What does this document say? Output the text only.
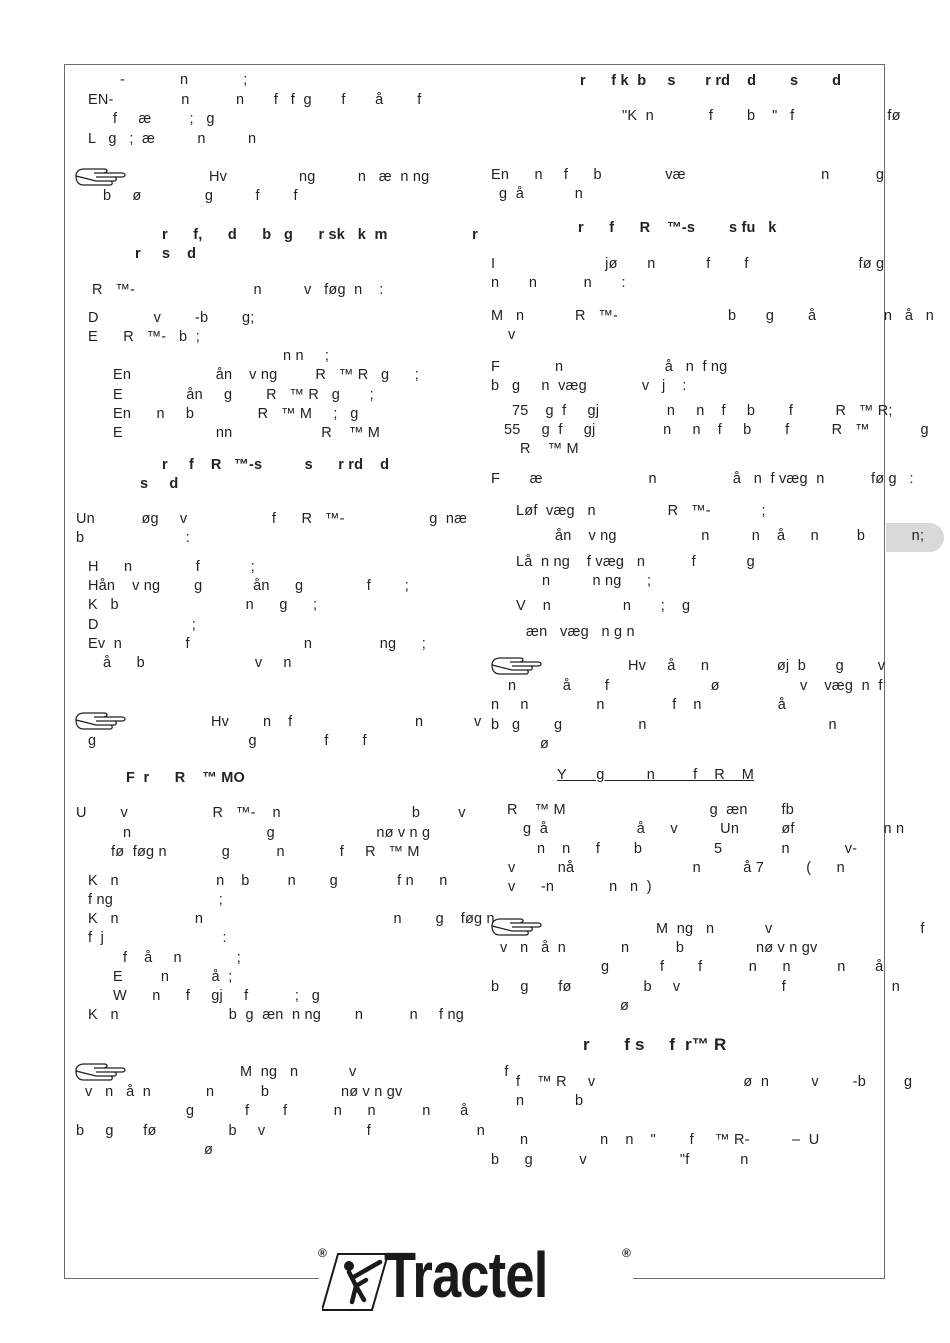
-             n             ;
EN-                n           n       f   f  g       f       å        f
f     æ         ;   g
L   g   ;  æ          n          n
Hv                 ng          n   æ  n ng
b     ø               g          f        f
r      f,      d      b   g      r sk   k  m                    r
r     s    d
R   ™-                            n          v   føg  n    :
D             v        -b        g;
E      R   ™-   b  ;
n n     ;
En                    ån    v ng         R   ™ R   g      ;
E               ån     g        R   ™ R   g       ;
En      n     b               R   ™ M     ;   g
E                      nn                     R    ™ M
r     f    R   ™-s          s      r rd    d
s     d
Un           øg     v                    f      R   ™-                    g  næ
b                        :
H      n               f            ;
Hån    v ng        g            ån      g               f        ;
K   b                              n      g      ;
D                      ;
Ev  n               f                           n                ng      ;
å      b                          v     n
Hv        n    f                             n            v
g                                    g                f        f
F  r      R    ™ MO
U        v                    R   ™-    n                               b         v
n                                g                        nø v n g
fø  føg n             g           n             f     R   ™ M
K   n                       n    b         n        g              f n      n
f ng                         ;
K   n                  n                                             n        g    føg n
f  j                            :
f    å     n             ;
E         n          å  ;
W      n      f     gj     f           ;   g
K   n                          b  g  æn  n ng        n           n     f ng
M  ng   n            v                                   f
v   n   å  n             n           b                 nø v n gv
g            f        f           n      n           n       å
b     g       fø                 b     v                        f                         n
ø
r      f k  b     s       r rd    d        s        d
"K  n             f        b    "   f                      fø
En      n     f      b               væ                                n           g
g  å            n
r      f      R    ™-s        s fu   k
I                          jø       n            f        f                          fø g
n       n           n       :
M   n            R   ™-                          b       g        å                n   å   n
v
F             n                        å   n  f ng
b   g     n  væg             v   j    :
75    g  f     gj                n     n    f     b        f          R   ™ R;
55     g  f     gj                n     n    f     b        f          R   ™            g
R    ™ M
F       æ                         n                  å   n  f væg  n           fø g   :
Løf  væg   n                 R   ™-            ;
ån    v ng                    n          n    å      n         b           n;
Lå  n ng    f væg   n           f            g
n          n ng      ;
V    n                 n       ;    g
æn   væg   n g n
Hv     å      n                øj  b       g        v
n           å        f                        ø                   v    væg  n  f
n     n                n                f    n                  å
b   g        g                  n                                           n
ø
Y       g          n         f    R    M
R    ™ M                                  g  æn        fb
g  å                     å      v          Un          øf                     n n
n    n      f        b                 5              n             v-
v          nå                            n          å 7          (      n
v      -n             n   n  )
M  ng   n            v                                   f
v   n   å  n             n           b                 nø v n gv
g            f        f           n      n           n       å
b     g       fø                 b     v                        f                         n
ø
r       f s     f  r™ R
f    ™ R     v                                   ø  n          v        -b         g
n            b
n                 n    n    "        f     ™ R-          –  U
b      g           v                      "f            n
® Tractel	®
